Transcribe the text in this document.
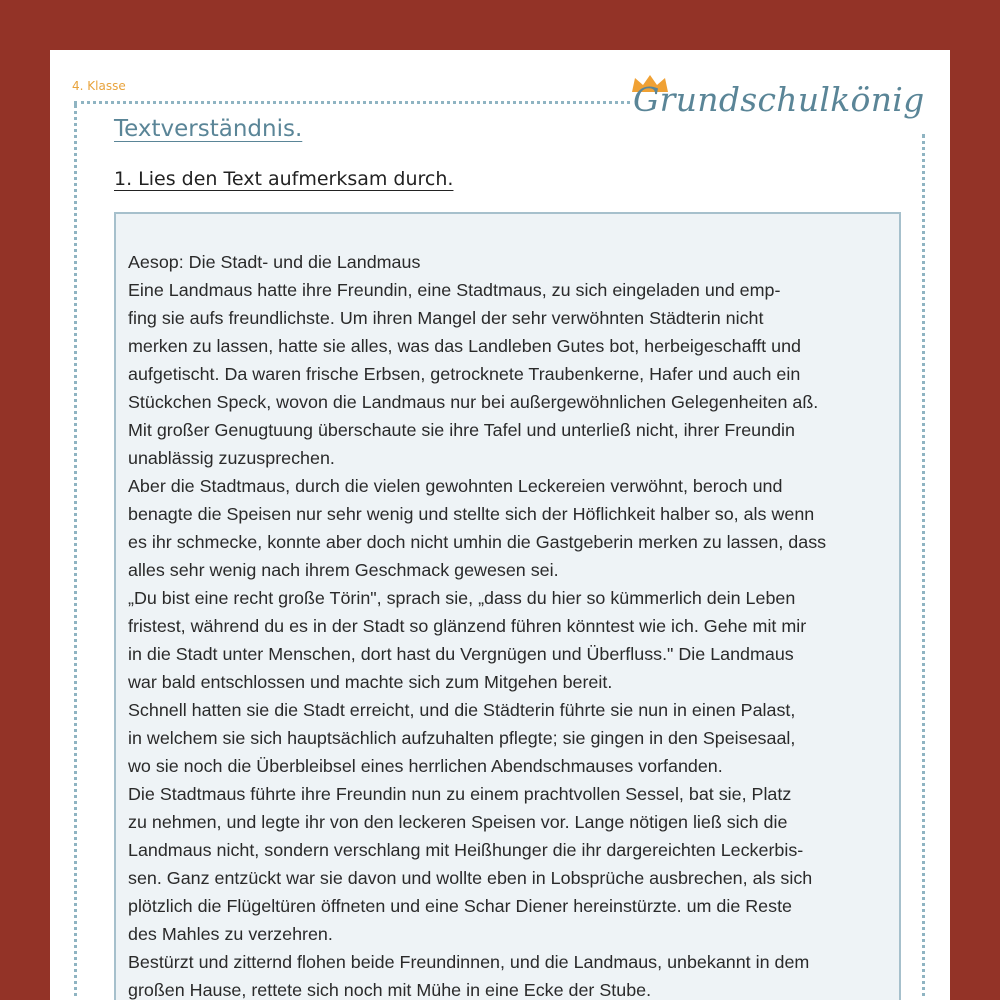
4. Klasse	Grundschulkönig
Textverständnis.
1. Lies den Text aufmerksam durch.
Aesop: Die Stadt- und die Landmaus
Eine Landmaus hatte ihre Freundin, eine Stadtmaus, zu sich eingeladen und emp-
fing sie aufs freundlichste. Um ihren Mangel der sehr verwöhnten Städterin nicht
merken zu lassen, hatte sie alles, was das Landleben Gutes bot, herbeigeschafft und
aufgetischt. Da waren frische Erbsen, getrocknete Traubenkerne, Hafer und auch ein
Stückchen Speck, wovon die Landmaus nur bei außergewöhnlichen Gelegenheiten aß.
Mit großer Genugtuung überschaute sie ihre Tafel und unterließ nicht, ihrer Freundin
unablässig zuzusprechen.
Aber die Stadtmaus, durch die vielen gewohnten Leckereien verwöhnt, beroch und
benagte die Speisen nur sehr wenig und stellte sich der Höflichkeit halber so, als wenn
es ihr schmecke, konnte aber doch nicht umhin die Gastgeberin merken zu lassen, dass
alles sehr wenig nach ihrem Geschmack gewesen sei.
„Du bist eine recht große Törin", sprach sie, „dass du hier so kümmerlich dein Leben
fristest, während du es in der Stadt so glänzend führen könntest wie ich. Gehe mit mir
in die Stadt unter Menschen, dort hast du Vergnügen und Überfluss." Die Landmaus
war bald entschlossen und machte sich zum Mitgehen bereit.
Schnell hatten sie die Stadt erreicht, und die Städterin führte sie nun in einen Palast,
in welchem sie sich hauptsächlich aufzuhalten pflegte; sie gingen in den Speisesaal,
wo sie noch die Überbleibsel eines herrlichen Abendschmauses vorfanden.
Die Stadtmaus führte ihre Freundin nun zu einem prachtvollen Sessel, bat sie, Platz
zu nehmen, und legte ihr von den leckeren Speisen vor. Lange nötigen ließ sich die
Landmaus nicht, sondern verschlang mit Heißhunger die ihr dargereichten Leckerbis-
sen. Ganz entzückt war sie davon und wollte eben in Lobsprüche ausbrechen, als sich
plötzlich die Flügeltüren öffneten und eine Schar Diener hereinstürzte. um die Reste
des Mahles zu verzehren.
Bestürzt und zitternd flohen beide Freundinnen, und die Landmaus, unbekannt in dem
großen Hause, rettete sich noch mit Mühe in eine Ecke der Stube.
